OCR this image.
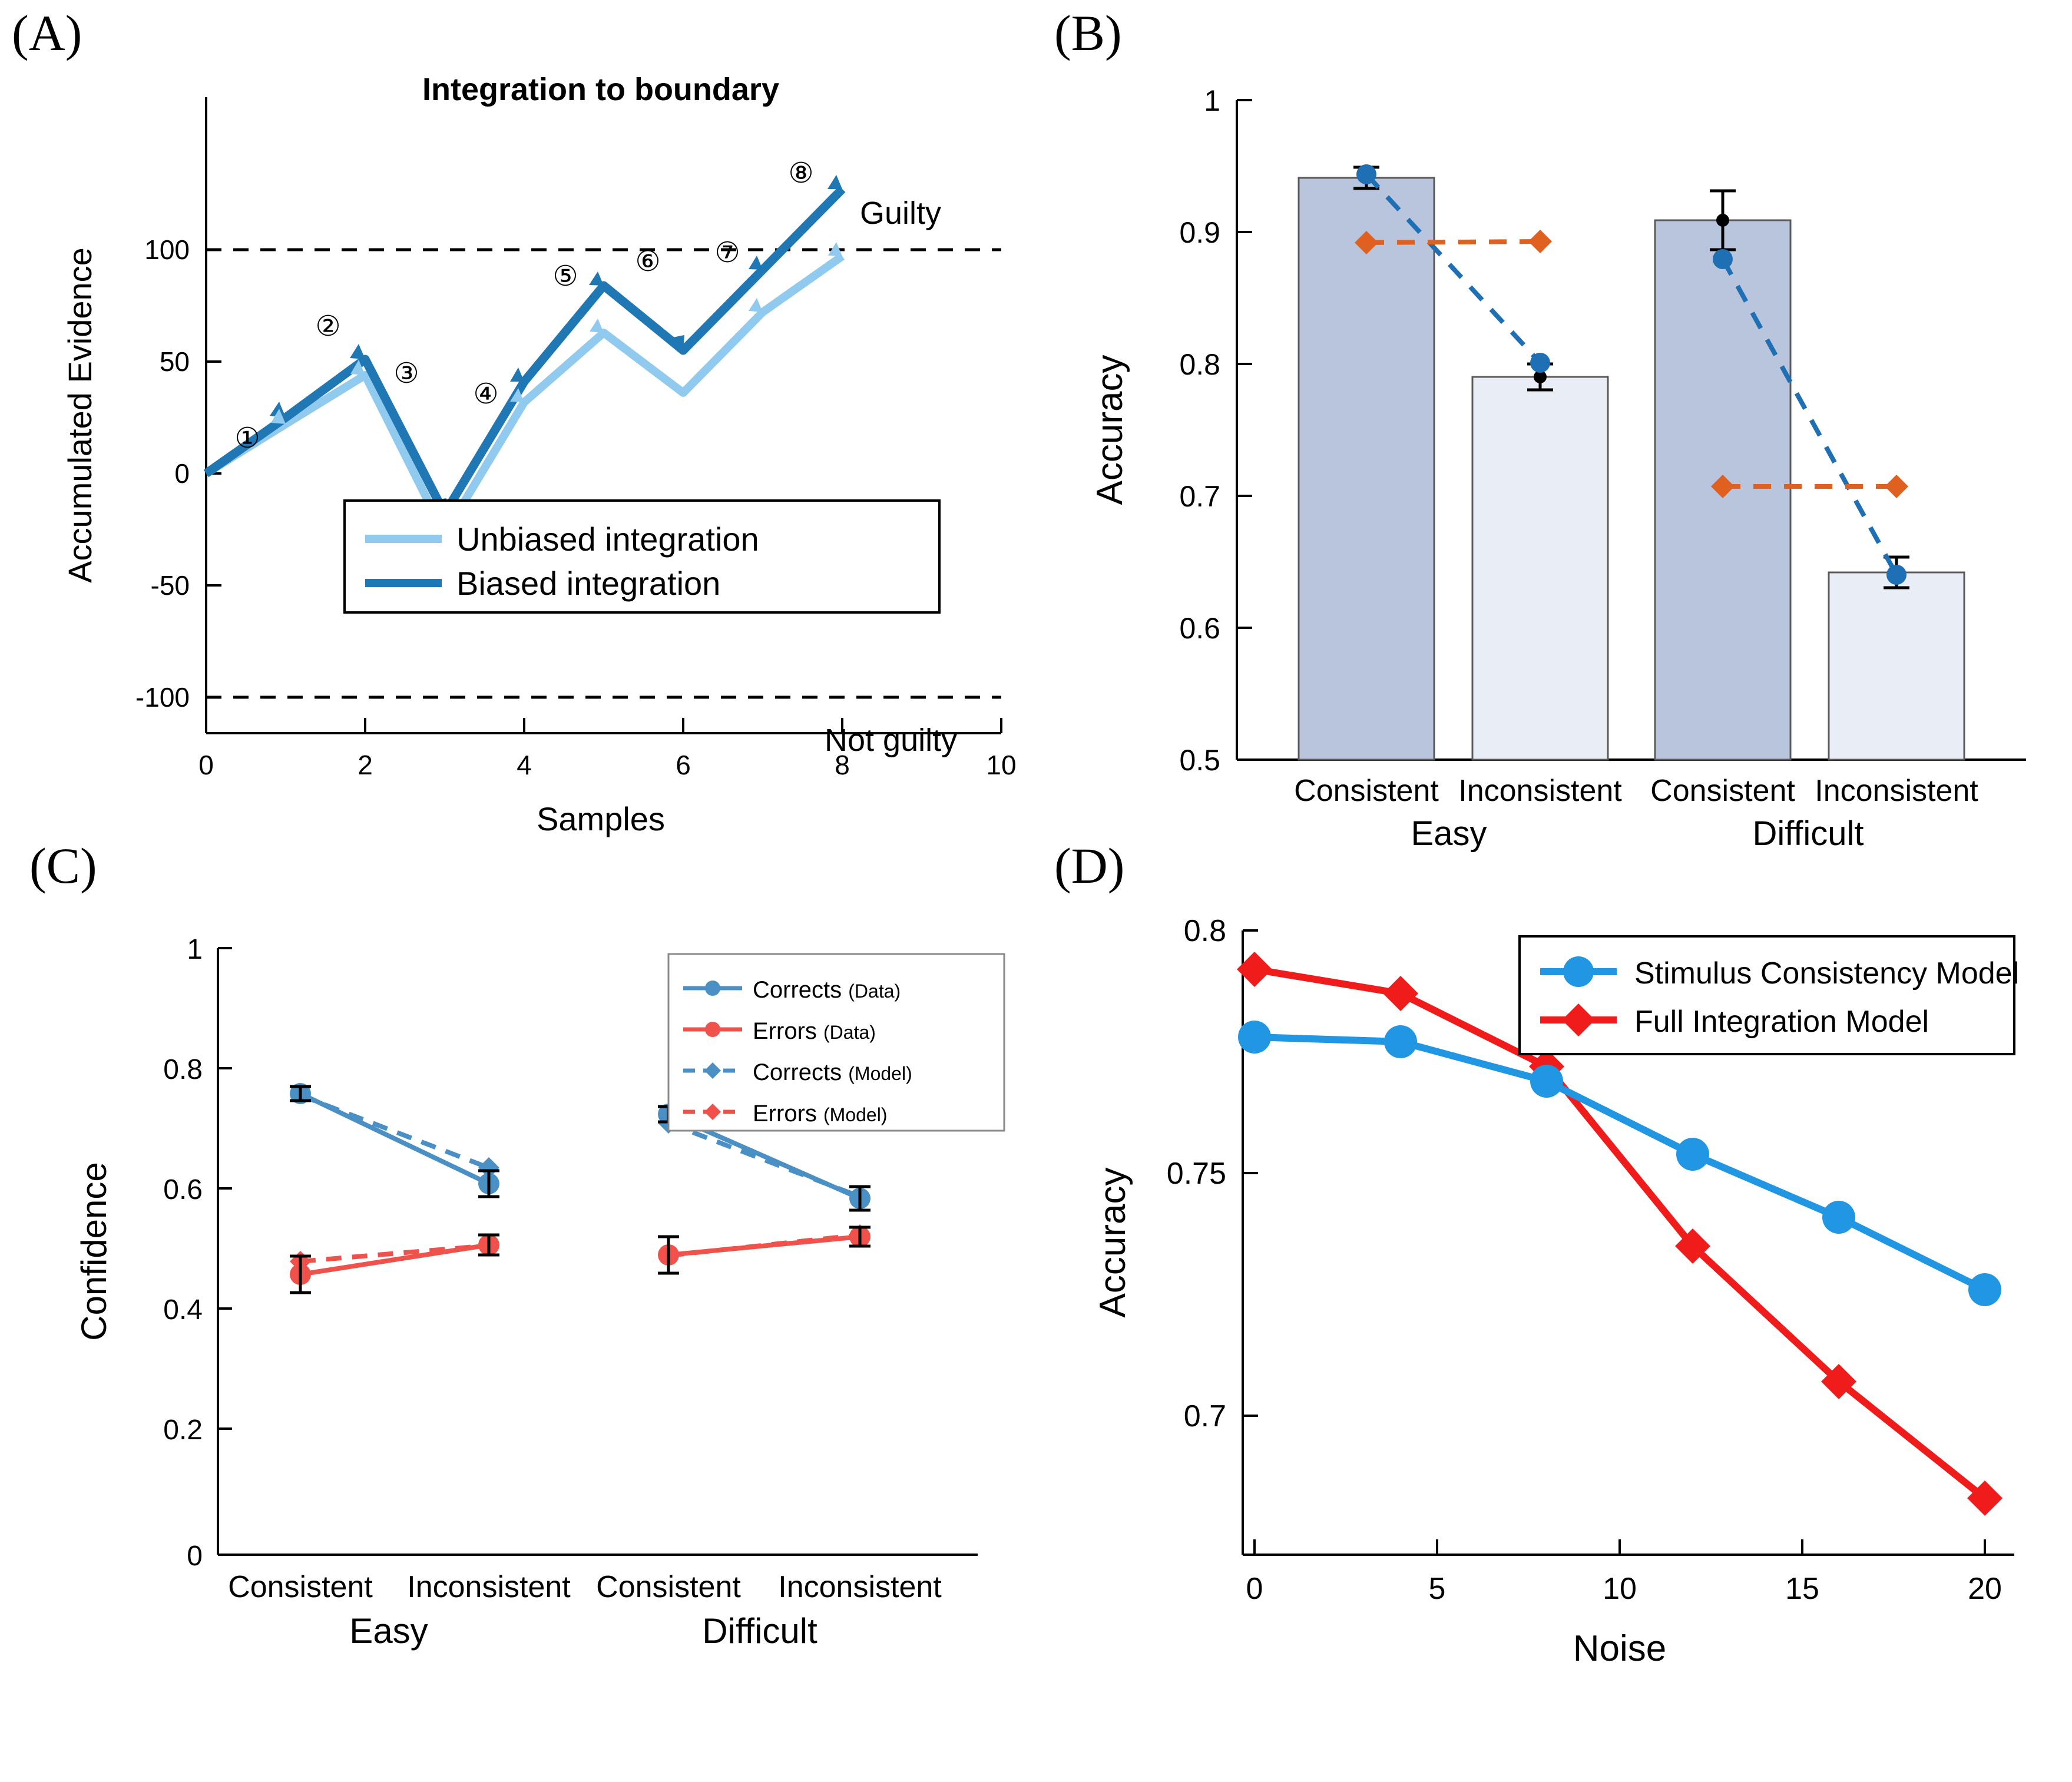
(A)
Integration to boundary
100
50
0
-50
-100
0	2	4	6	8	10
Samples
Accumulated Evidence
Guilty
Not guilty
①
②
③
④
⑤ ⑥ ⑦
⑧
Unbiased integration
Biased integration
(B)
1
0.9
0.8
0.7
0.6
0.5
Accuracy
Consistent Inconsistent Consistent Inconsistent
Easy	Difficult
(C)
1
0.8
0.6
0.4
0.2
0
Confidence
Corrects (Data)
Errors (Data)
Corrects (Model)
Errors (Model)
Consistent Inconsistent Consistent Inconsistent
Easy	Difficult
(D)
0.8
0.75
0.7
0	5	10	15	20
Accuracy
Noise
Stimulus Consistency Model
Full Integration Model
